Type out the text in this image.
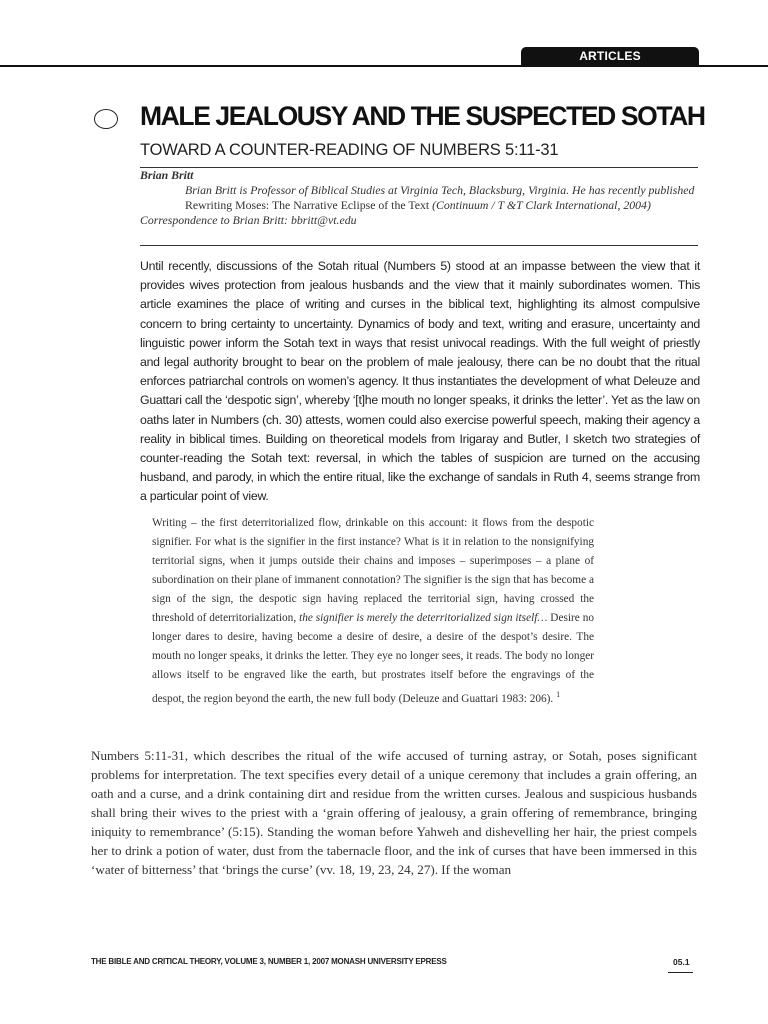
ARTICLES
MALE JEALOUSY AND THE SUSPECTED SOTAH
TOWARD A COUNTER-READING OF NUMBERS 5:11-31
Brian Britt
Brian Britt is Professor of Biblical Studies at Virginia Tech, Blacksburg, Virginia. He has recently published Rewriting Moses: The Narrative Eclipse of the Text (Continuum / T &T Clark International, 2004)
Correspondence to Brian Britt: bbritt@vt.edu

Until recently, discussions of the Sotah ritual (Numbers 5) stood at an impasse between the view that it provides wives protection from jealous husbands and the view that it mainly subordinates women. This article examines the place of writing and curses in the biblical text, highlighting its almost compulsive concern to bring certainty to uncertainty. Dynamics of body and text, writing and erasure, uncertainty and linguistic power inform the Sotah text in ways that resist univocal readings. With the full weight of priestly and legal authority brought to bear on the problem of male jealousy, there can be no doubt that the ritual enforces patriarchal controls on women’s agency. It thus instantiates the development of what Deleuze and Guattari call the ‘despotic sign’, whereby ‘[t]he mouth no longer speaks, it drinks the letter’. Yet as the law on oaths later in Numbers (ch. 30) attests, women could also exercise powerful speech, making their agency a reality in biblical times. Building on theoretical models from Irigaray and Butler, I sketch two strategies of counter-reading the Sotah text: reversal, in which the tables of suspicion are turned on the accusing husband, and parody, in which the entire ritual, like the exchange of sandals in Ruth 4, seems strange from a particular point of view.

Writing – the first deterritorialized flow, drinkable on this account: it flows from the despotic signifier. For what is the signifier in the first instance? What is it in relation to the nonsignifying territorial signs, when it jumps outside their chains and imposes – superimposes – a plane of subordination on their plane of immanent connotation? The signifier is the sign that has become a sign of the sign, the despotic sign having replaced the territorial sign, having crossed the threshold of deterritorialization, the signifier is merely the deterritorialized sign itself… Desire no longer dares to desire, having become a desire of desire, a desire of the despot’s desire. The mouth no longer speaks, it drinks the letter. They eye no longer sees, it reads. The body no longer allows itself to be engraved like the earth, but prostrates itself before the engravings of the despot, the region beyond the earth, the new full body (Deleuze and Guattari 1983: 206). $^1$

Numbers 5:11-31, which describes the ritual of the wife accused of turning astray, or Sotah, poses significant problems for interpretation. The text specifies every detail of a unique ceremony that includes a grain offering, an oath and a curse, and a drink containing dirt and residue from the written curses. Jealous and suspicious husbands shall bring their wives to the priest with a ‘grain offering of jealousy, a grain offering of remembrance, bringing iniquity to remembrance’ (5:15). Standing the woman before Yahweh and dishevelling her hair, the priest compels her to drink a potion of water, dust from the tabernacle floor, and the ink of curses that have been immersed in this ‘water of bitterness’ that ‘brings the curse’ (vv. 18, 19, 23, 24, 27). If the woman

THE BIBLE AND CRITICAL THEORY, VOLUME 3, NUMBER 1, 2007 MONASH UNIVERSITY EPRESS	05.1
